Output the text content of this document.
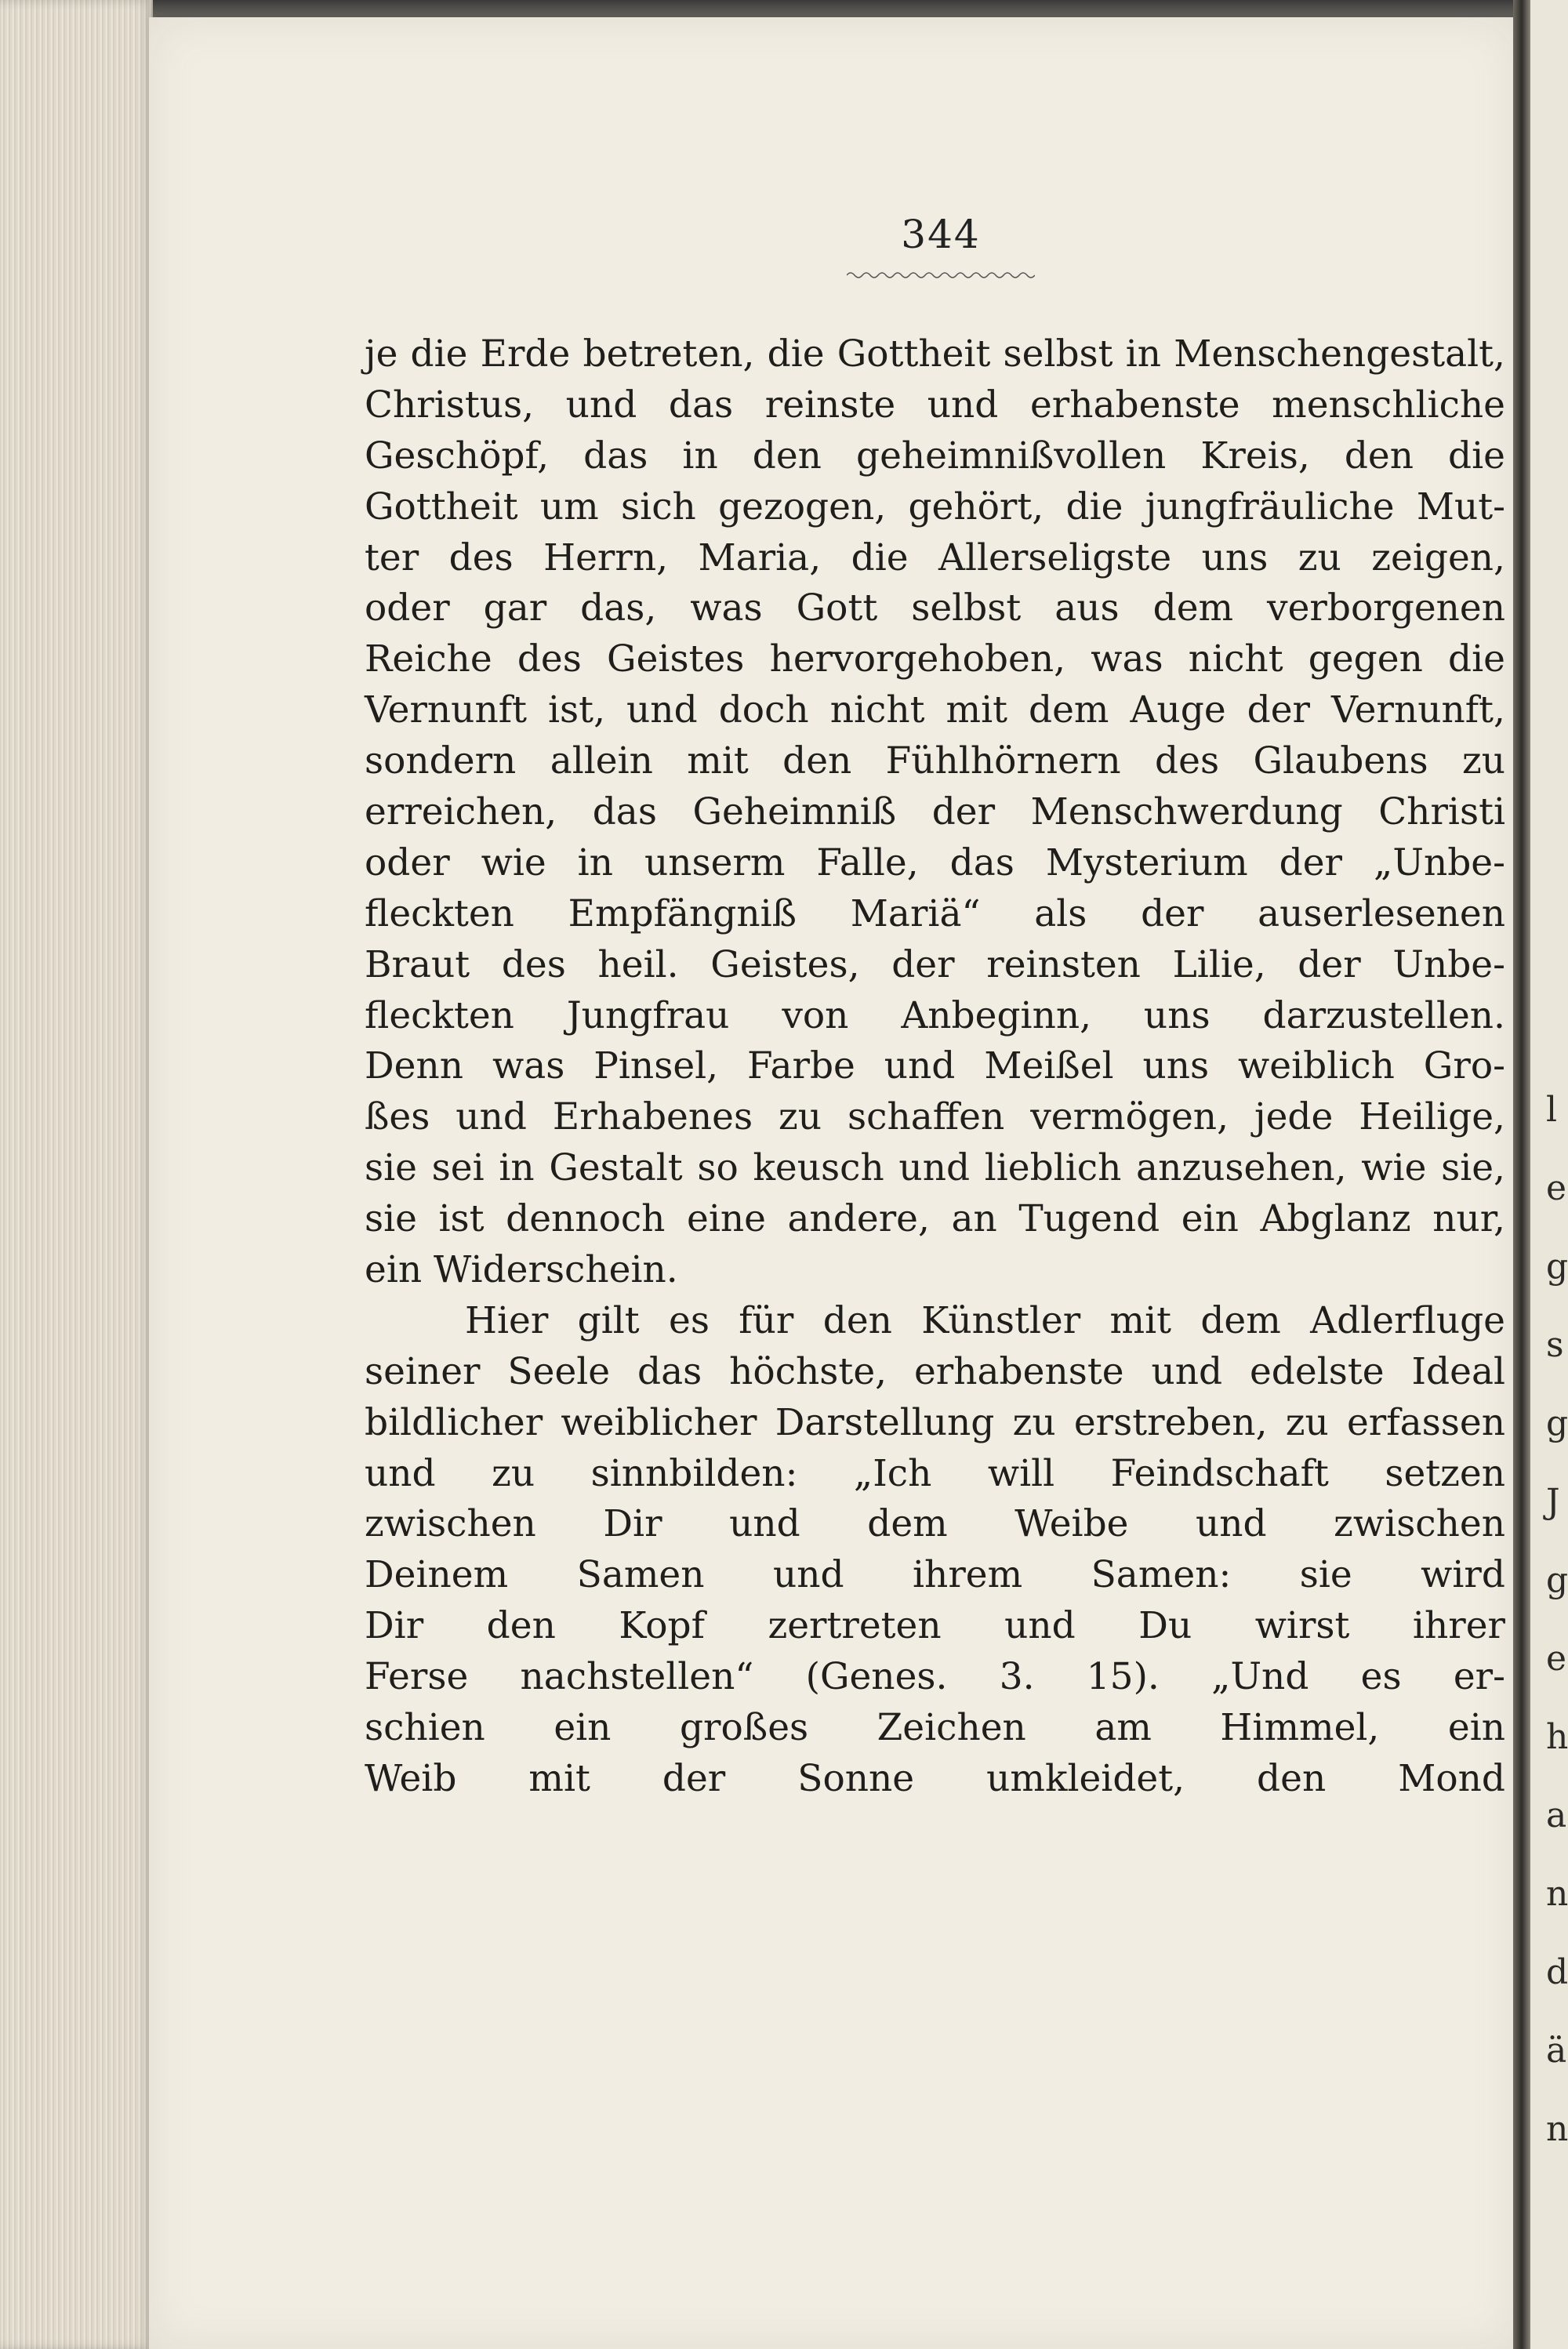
344
je die Erde betreten, die Gottheit selbst in Menschengestalt,
Christus, und das reinste und erhabenste menschliche
Geschöpf, das in den geheimnißvollen Kreis, den die
Gottheit um sich gezogen, gehört, die jungfräuliche Mut-
ter des Herrn, Maria, die Allerseligste uns zu zeigen,
oder gar das, was Gott selbst aus dem verborgenen
Reiche des Geistes hervorgehoben, was nicht gegen die
Vernunft ist, und doch nicht mit dem Auge der Vernunft,
sondern allein mit den Fühlhörnern des Glaubens zu
erreichen, das Geheimniß der Menschwerdung Christi
oder wie in unserm Falle, das Mysterium der „Unbe-
fleckten Empfängniß Mariä“ als der auserlesenen
Braut des heil. Geistes, der reinsten Lilie, der Unbe-
fleckten Jungfrau von Anbeginn, uns darzustellen.
Denn was Pinsel, Farbe und Meißel uns weiblich Gro-
ßes und Erhabenes zu schaffen vermögen, jede Heilige,
sie sei in Gestalt so keusch und lieblich anzusehen, wie sie,
sie ist dennoch eine andere, an Tugend ein Abglanz nur,
ein Widerschein.
Hier gilt es für den Künstler mit dem Adlerfluge
seiner Seele das höchste, erhabenste und edelste Ideal
bildlicher weiblicher Darstellung zu erstreben, zu erfassen
und zu sinnbilden: „Ich will Feindschaft setzen
zwischen Dir und dem Weibe und zwischen
Deinem Samen und ihrem Samen: sie wird
Dir den Kopf zertreten und Du wirst ihrer
Ferse nachstellen“ (Genes. 3. 15). „Und es er-
schien ein großes Zeichen am Himmel, ein
Weib mit der Sonne umkleidet, den Mond
l
e
g
s
g
J
g
e
h
a
n
d
ä
n
